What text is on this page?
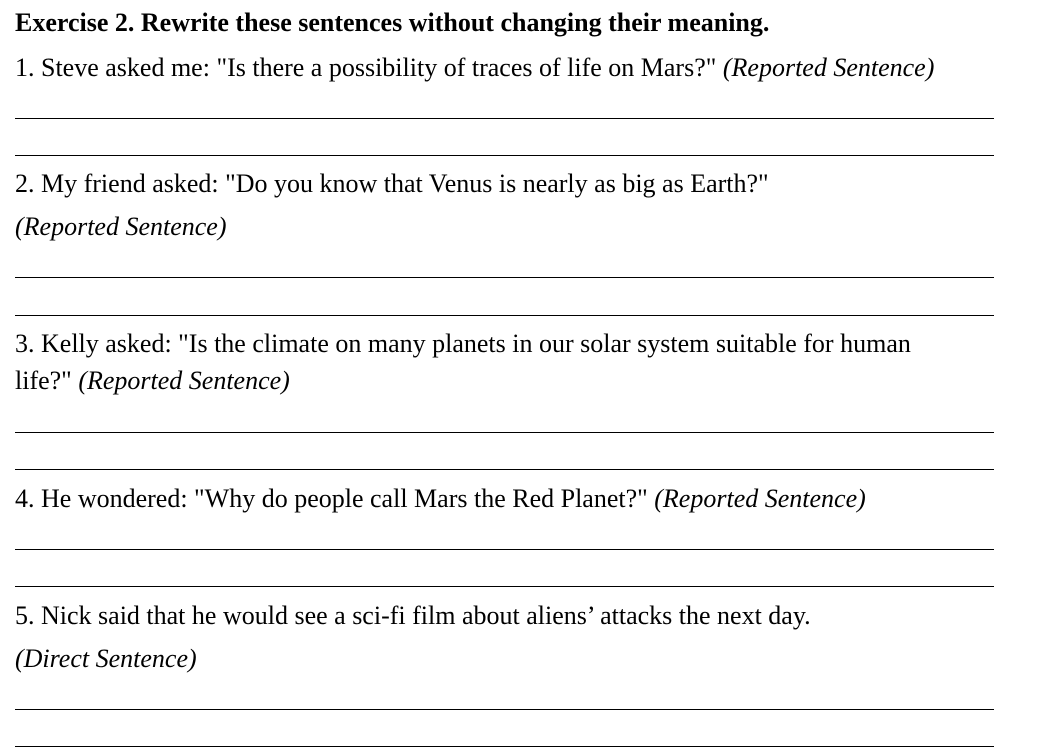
Exercise 2. Rewrite these sentences without changing their meaning.
1. Steve asked me: "Is there a possibility of traces of life on Mars?" (Reported Sentence)
2. My friend asked: "Do you know that Venus is nearly as big as Earth?"
(Reported Sentence)
3. Kelly asked: "Is the climate on many planets in our solar system suitable for human
life?" (Reported Sentence)
4. He wondered: "Why do people call Mars the Red Planet?" (Reported Sentence)
5. Nick said that he would see a sci-fi film about aliens’ attacks the next day.
(Direct Sentence)
